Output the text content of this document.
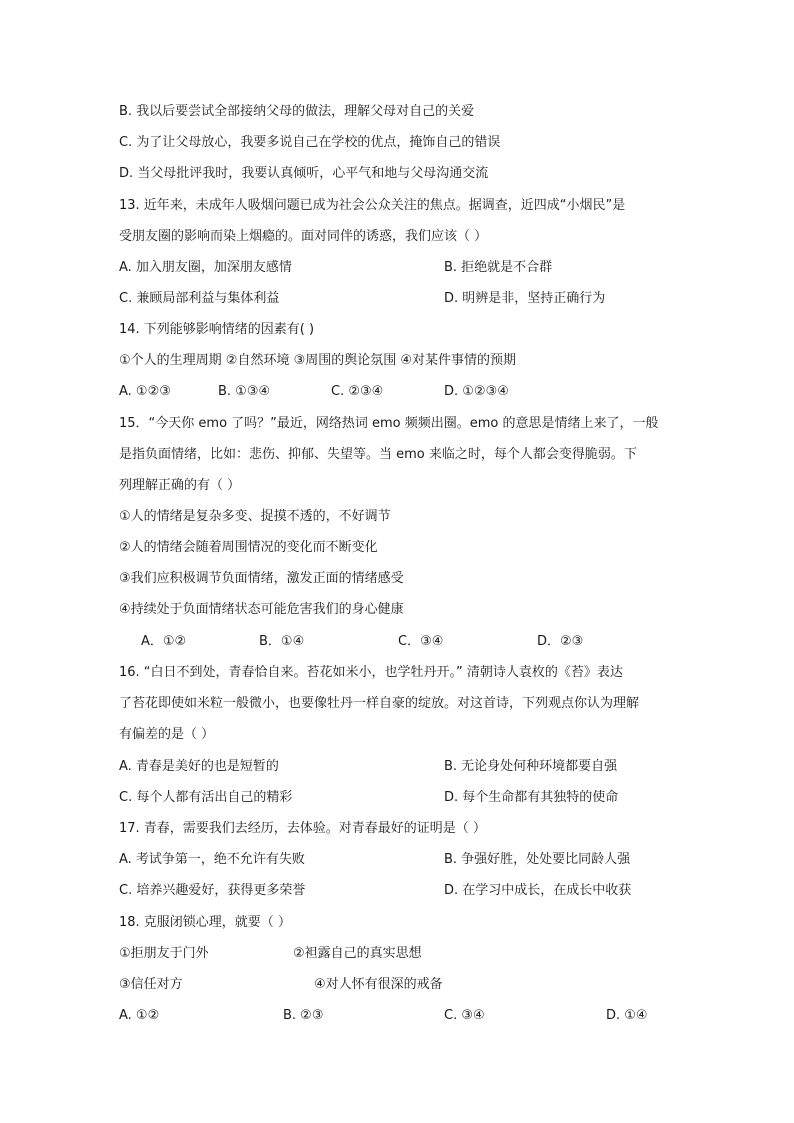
B. 我以后要尝试全部接纳父母的做法，理解父母对自己的关爱
C. 为了让父母放心，我要多说自己在学校的优点，掩饰自己的错误
D. 当父母批评我时，我要认真倾听，心平气和地与父母沟通交流
13. 近年来，未成年人吸烟问题已成为社会公众关注的焦点。据调查，近四成“小烟民”是
受朋友圈的影响而染上烟瘾的。面对同伴的诱惑，我们应该（ ）
A. 加入朋友圈，加深朋友感情	B. 拒绝就是不合群
C. 兼顾局部利益与集体利益	D. 明辨是非，坚持正确行为
14. 下列能够影响情绪的因素有( )
①个人的生理周期 ②自然环境 ③周围的舆论氛围 ④对某件事情的预期
A. ①②③	B. ①③④	C. ②③④	D. ①②③④
15．“今天你 emo 了吗？”最近，网络热词 emo 频频出圈。emo 的意思是情绪上来了，一般
是指负面情绪，比如：悲伤、抑郁、失望等。当 emo 来临之时，每个人都会变得脆弱。下
列理解正确的有（ ）
①人的情绪是复杂多变、捉摸不透的，不好调节
②人的情绪会随着周围情况的变化而不断变化
③我们应积极调节负面情绪，激发正面的情绪感受
④持续处于负面情绪状态可能危害我们的身心健康
A．①②	B．①④	C．③④	D．②③
16. “白日不到处，青春恰自来。苔花如米小，也学牡丹开。” 清朝诗人袁枚的《苔》表达
了苔花即使如米粒一般微小，也要像牡丹一样自豪的绽放。对这首诗，下列观点你认为理解
有偏差的是（ ）
A. 青春是美好的也是短暂的	B. 无论身处何种环境都要自强
C. 每个人都有活出自己的精彩	D. 每个生命都有其独特的使命
17. 青春，需要我们去经历，去体验。对青春最好的证明是（ ）
A. 考试争第一，绝不允许有失败	B. 争强好胜，处处要比同龄人强
C. 培养兴趣爱好，获得更多荣誉	D. 在学习中成长，在成长中收获
18. 克服闭锁心理，就要（ ）
①拒朋友于门外	②袒露自己的真实思想
③信任对方	④对人怀有很深的戒备
A. ①②	B. ②③	C. ③④	D. ①④
